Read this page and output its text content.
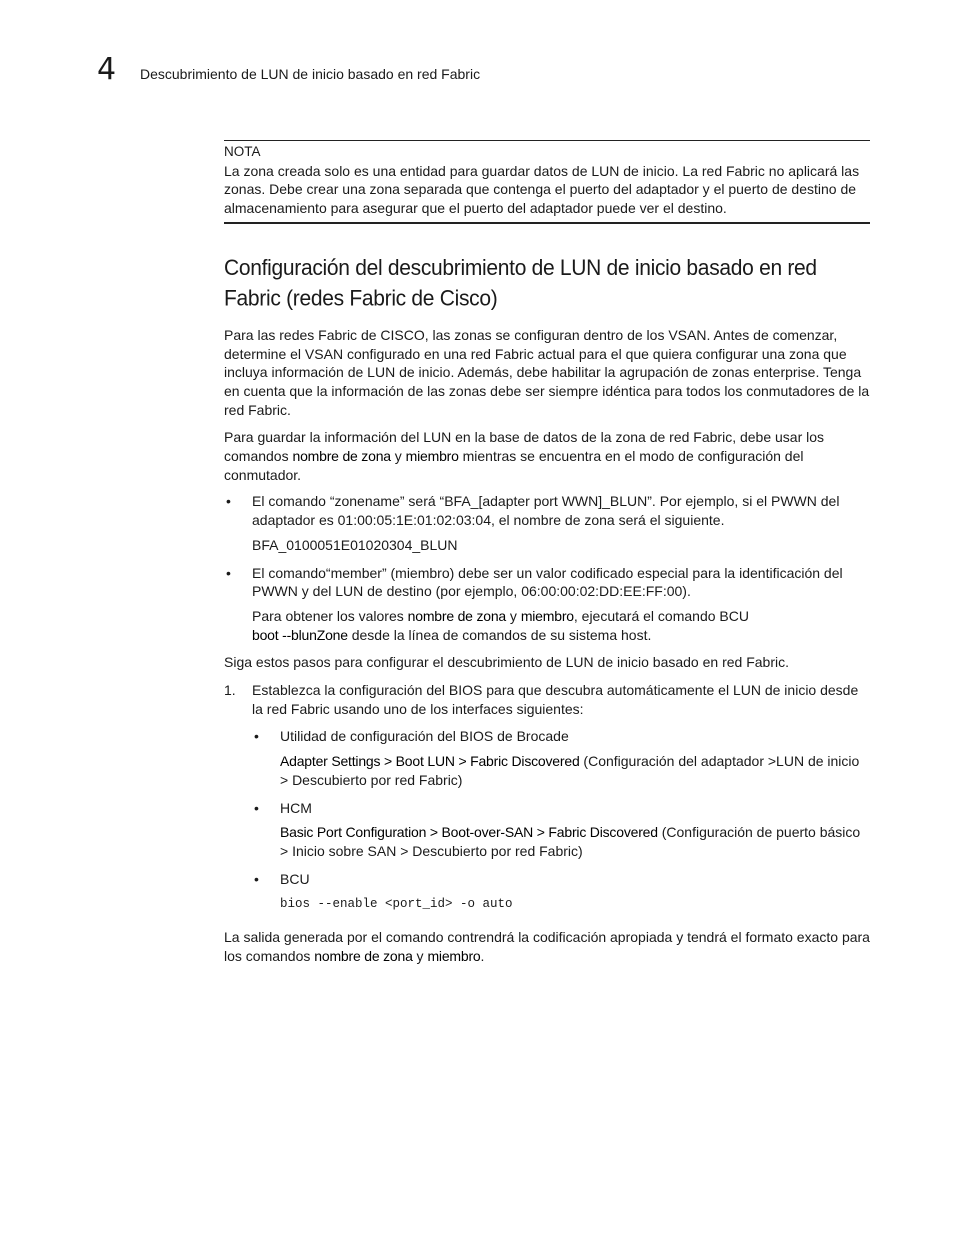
4 Descubrimiento de LUN de inicio basado en red Fabric
NOTA

La zona creada solo es una entidad para guardar datos de LUN de inicio. La red Fabric no aplicará las zonas. Debe crear una zona separada que contenga el puerto del adaptador y el puerto de destino de almacenamiento para asegurar que el puerto del adaptador puede ver el destino.

Configuración del descubrimiento de LUN de inicio basado en red Fabric (redes Fabric de Cisco)

Para las redes Fabric de CISCO, las zonas se configuran dentro de los VSAN. Antes de comenzar, determine el VSAN configurado en una red Fabric actual para el que quiera configurar una zona que incluya información de LUN de inicio. Además, debe habilitar la agrupación de zonas enterprise. Tenga en cuenta que la información de las zonas debe ser siempre idéntica para todos los conmutadores de la red Fabric.

Para guardar la información del LUN en la base de datos de la zona de red Fabric, debe usar los comandos nombre de zona y miembro mientras se encuentra en el modo de configuración del conmutador.

• El comando “zonename” será “BFA_[adapter port WWN]_BLUN”. Por ejemplo, si el PWWN del adaptador es 01:00:05:1E:01:02:03:04, el nombre de zona será el siguiente.

BFA_0100051E01020304_BLUN

• El comando“member” (miembro) debe ser un valor codificado especial para la identificación del PWWN y del LUN de destino (por ejemplo, 06:00:00:02:DD:EE:FF:00).

Para obtener los valores nombre de zona y miembro, ejecutará el comando BCU
boot --blunZone desde la línea de comandos de su sistema host.

Siga estos pasos para configurar el descubrimiento de LUN de inicio basado en red Fabric.

1. Establezca la configuración del BIOS para que descubra automáticamente el LUN de inicio desde la red Fabric usando uno de los interfaces siguientes:

• Utilidad de configuración del BIOS de Brocade

Adapter Settings > Boot LUN > Fabric Discovered (Configuración del adaptador >LUN de inicio > Descubierto por red Fabric)

• HCM

Basic Port Configuration > Boot-over-SAN > Fabric Discovered (Configuración de puerto básico > Inicio sobre SAN > Descubierto por red Fabric)

• BCU

bios --enable <port_id> -o auto

La salida generada por el comando contrendrá la codificación apropiada y tendrá el formato exacto para los comandos nombre de zona y miembro.
